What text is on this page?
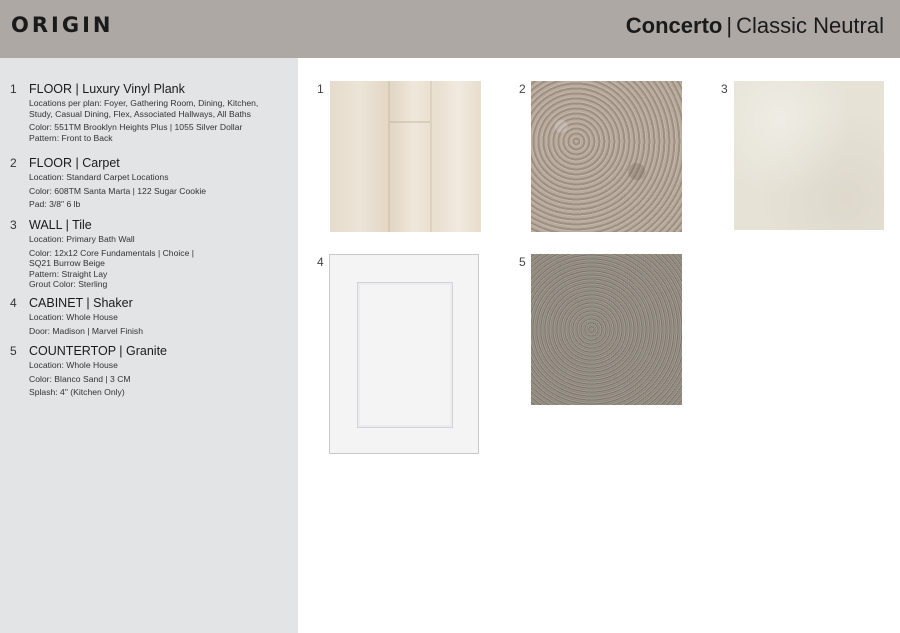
ORIGIN	Concerto | Classic Neutral
1 FLOOR | Luxury Vinyl Plank
Locations per plan: Foyer, Gathering Room, Dining, Kitchen,
Study, Casual Dining, Flex, Associated Hallways, All Baths
Color: 551TM Brooklyn Heights Plus | 1055 Silver Dollar
Pattern: Front to Back
2 FLOOR | Carpet
Location: Standard Carpet Locations
Color: 608TM Santa Marta | 122 Sugar Cookie
Pad: 3/8" 6 lb
3 WALL | Tile
Location: Primary Bath Wall
Color: 12x12 Core Fundamentals | Choice |
SQ21 Burrow Beige
Pattern: Straight Lay
Grout Color: Sterling
4 CABINET | Shaker
Location: Whole House
Door: Madison | Marvel Finish
5 COUNTERTOP | Granite
Location: Whole House
Color: Blanco Sand | 3 CM
Splash: 4" (Kitchen Only)
1	2	3
4	5
